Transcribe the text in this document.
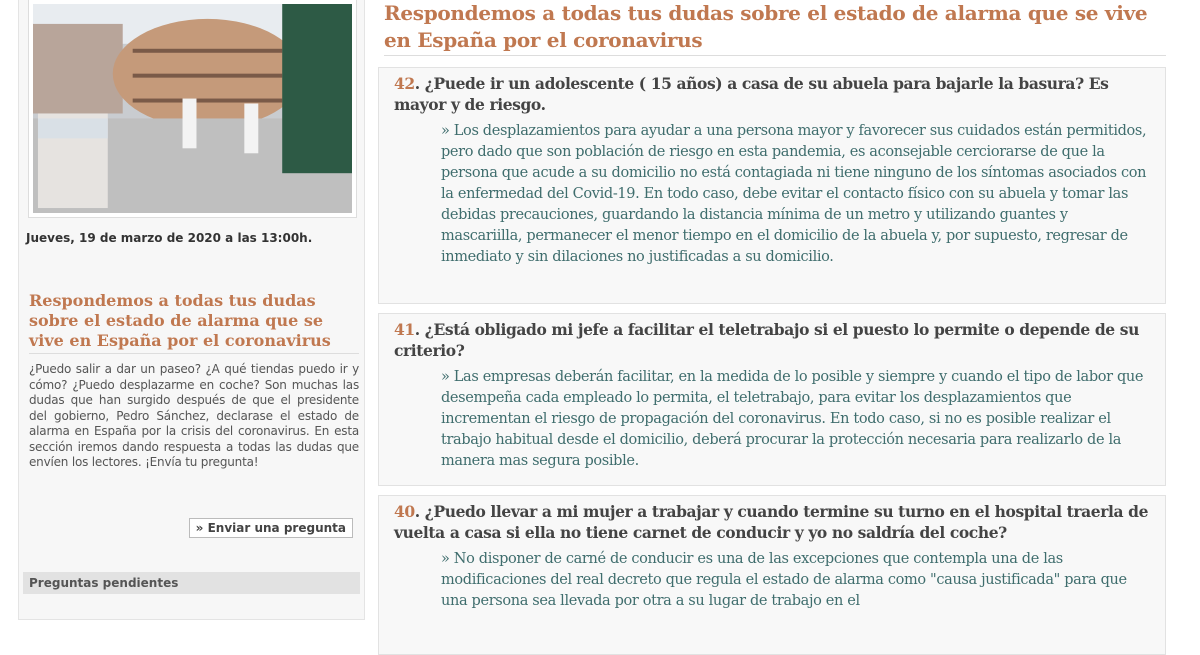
Jueves, 19 de marzo de 2020 a las 13:00h.
Respondemos a todas tus dudas sobre el estado de alarma que se vive en España por el coronavirus
¿Puedo salir a dar un paseo? ¿A qué tiendas puedo ir y cómo? ¿Puedo desplazarme en coche? Son muchas las dudas que han surgido después de que el presidente del gobierno, Pedro Sánchez, declarase el estado de alarma en España por la crisis del coronavirus. En esta sección iremos dando respuesta a todas las dudas que envíen los lectores. ¡Envía tu pregunta!
» Enviar una pregunta
Preguntas pendientes
Respondemos a todas tus dudas sobre el estado de alarma que se vive en España por el coronavirus
42. ¿Puede ir un adolescente ( 15 años) a casa de su abuela para bajarle la basura? Es mayor y de riesgo.
» Los desplazamientos para ayudar a una persona mayor y favorecer sus cuidados están permitidos, pero dado que son población de riesgo en esta pandemia, es aconsejable cerciorarse de que la persona que acude a su domicilio no está contagiada ni tiene ninguno de los síntomas asociados con la enfermedad del Covid-19. En todo caso, debe evitar el contacto físico con su abuela y tomar las debidas precauciones, guardando la distancia mínima de un metro y utilizando guantes y mascariilla, permanecer el menor tiempo en el domicilio de la abuela y, por supuesto, regresar de inmediato y sin dilaciones no justificadas a su domicilio.
41. ¿Está obligado mi jefe a facilitar el teletrabajo si el puesto lo permite o depende de su criterio?
» Las empresas deberán facilitar, en la medida de lo posible y siempre y cuando el tipo de labor que desempeña cada empleado lo permita, el teletrabajo, para evitar los desplazamientos que incrementan el riesgo de propagación del coronavirus. En todo caso, si no es posible realizar el trabajo habitual desde el domicilio, deberá procurar la protección necesaria para realizarlo de la manera mas segura posible.
40. ¿Puedo llevar a mi mujer a trabajar y cuando termine su turno en el hospital traerla de vuelta a casa si ella no tiene carnet de conducir y yo no saldría del coche?
» No disponer de carné de conducir es una de las excepciones que contempla una de las modificaciones del real decreto que regula el estado de alarma como "causa justificada" para que una persona sea llevada por otra a su lugar de trabajo en el
